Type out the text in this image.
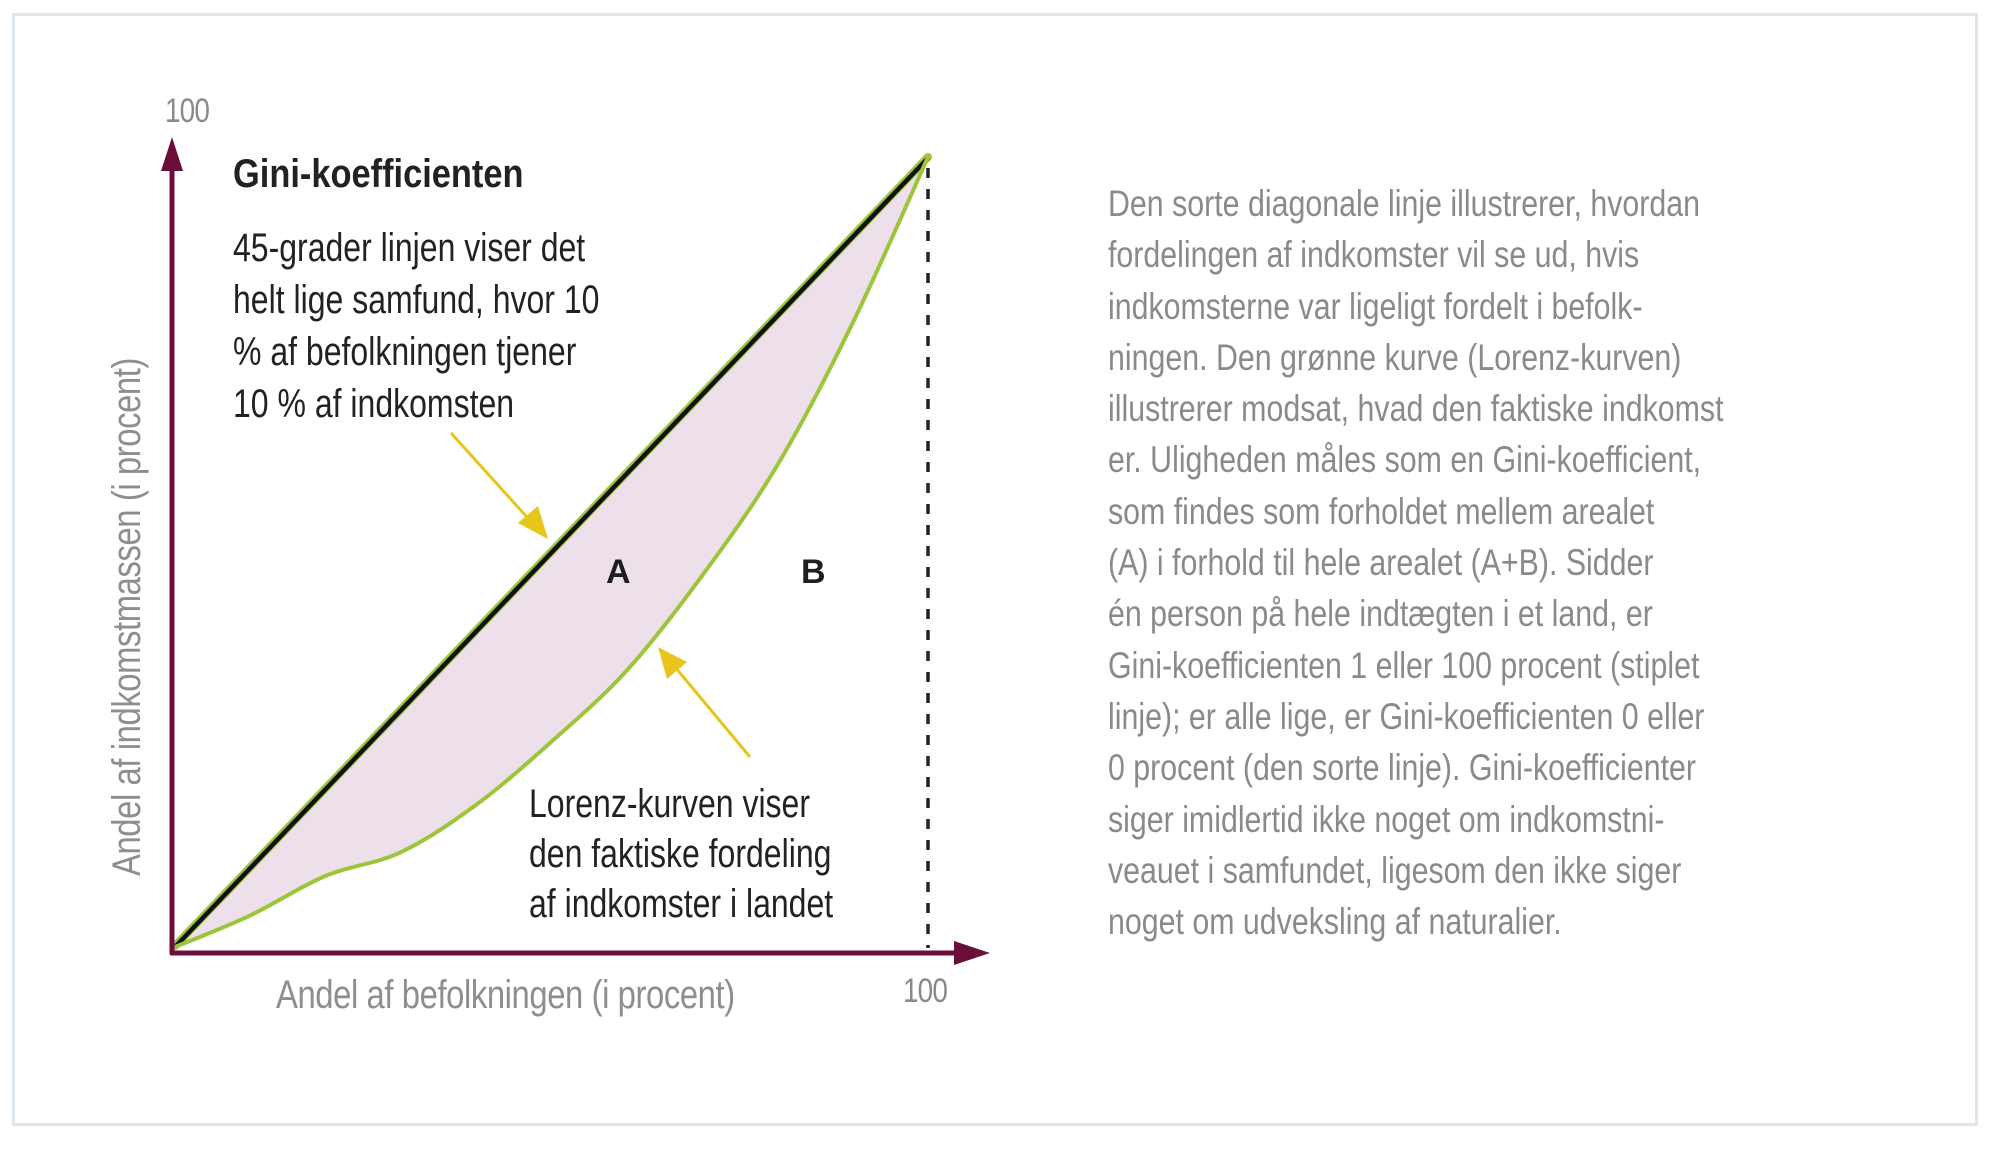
100
100
Andel af indkomstmassen (i procent)
Andel af befolkningen (i procent)
Gini-koefficienten
45-grader linjen viser det
helt lige samfund, hvor 10
% af befolkningen tjener
10 % af indkomsten
Lorenz-kurven viser
den faktiske fordeling
af indkomster i landet
A	B
Den sorte diagonale linje illustrerer, hvordan
fordelingen af indkomster vil se ud, hvis
indkomsterne var ligeligt fordelt i befolk-
ningen. Den grønne kurve (Lorenz-kurven)
illustrerer modsat, hvad den faktiske indkomst
er. Uligheden måles som en Gini-koefficient,
som findes som forholdet mellem arealet
(A) i forhold til hele arealet (A+B). Sidder
én person på hele indtægten i et land, er
Gini-koefficienten 1 eller 100 procent (stiplet
linje); er alle lige, er Gini-koefficienten 0 eller
0 procent (den sorte linje). Gini-koefficienter
siger imidlertid ikke noget om indkomstni-
veauet i samfundet, ligesom den ikke siger
noget om udveksling af naturalier.
